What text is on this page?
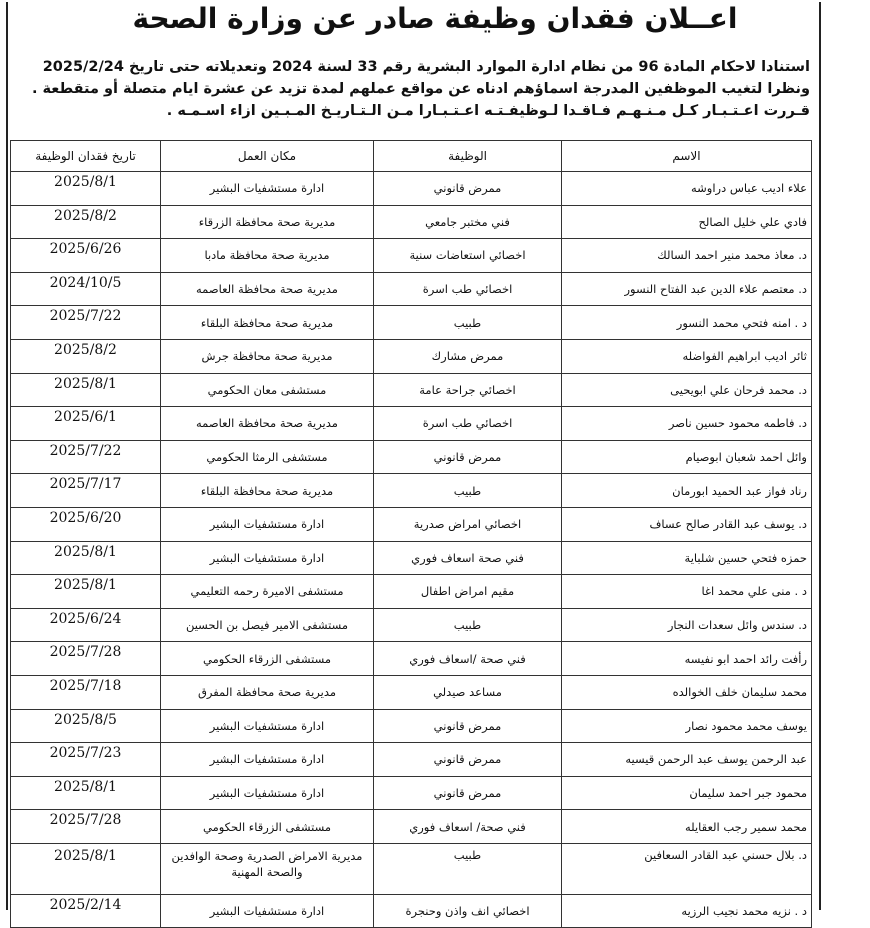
اعــلان فقدان وظيفة صادر عن وزارة الصحة

استنادا لاحكام المادة 96 من نظام ادارة الموارد البشرية رقم 33 لسنة 2024 وتعديلاته حتى تاريخ 2025/2/24

ونظرا لتغيب الموظفين المدرجة اسماؤهم ادناه عن مواقع عملهم لمدة تزيد عن عشرة ايام متصلة أو متقطعة .

قـررت اعـتـبـار كـل مـنـهـم فـاقـدا لـوظيفـتـه اعـتـبـارا مـن الـتـاريـخ المـبـين ازاء اسـمـه .

الاسم	الوظيفة	مكان العمل	تاريخ فقدان الوظيفة
علاء اديب عباس دراوشه	ممرض قانوني	ادارة مستشفيات البشير	2025/8/1
فادي علي خليل الصالح	فني مختبر جامعي	مديرية صحة محافظة الزرقاء	2025/8/2
د. معاذ محمد منير احمد السالك	اخصائي استعاضات سنية	مديرية صحة محافظة مادبا	2025/6/26
د. معتصم علاء الدين عبد الفتاح النسور	اخصائي طب اسرة	مديرية صحة محافظة العاصمه	2024/10/5
د . امنه فتحي محمد النسور	طبيب	مديرية صحة محافظة البلقاء	2025/7/22
ثائر اديب ابراهيم الفواضله	ممرض مشارك	مديرية صحة محافظة جرش	2025/8/2
د. محمد فرحان علي ابويحيى	اخصائي جراحة عامة	مستشفى معان الحكومي	2025/8/1
د. فاطمه محمود حسين ناصر	اخصائي طب اسرة	مديرية صحة محافظة العاصمه	2025/6/1
وائل احمد شعبان ابوصيام	ممرض قانوني	مستشفى الرمثا الحكومي	2025/7/22
رناد فواز عبد الحميد ابورمان	طبيب	مديرية صحة محافظة البلقاء	2025/7/17
د. يوسف عبد القادر صالح عساف	اخصائي امراض صدرية	ادارة مستشفيات البشير	2025/6/20
حمزه فتحي حسين شلباية	فني صحة اسعاف فوري	ادارة مستشفيات البشير	2025/8/1
د . منى علي محمد اغا	مقيم امراض اطفال	مستشفى الاميرة رحمه التعليمي	2025/8/1
د. سندس وائل سعدات النجار	طبيب	مستشفى الامير فيصل بن الحسين	2025/6/24
رأفت رائد احمد ابو نفيسه	فني صحة /اسعاف فوري	مستشفى الزرقاء الحكومي	2025/7/28
محمد سليمان خلف الخوالده	مساعد صيدلي	مديرية صحة محافظة المفرق	2025/7/18
يوسف محمد محمود نصار	ممرض قانوني	ادارة مستشفيات البشير	2025/8/5
عبد الرحمن يوسف عبد الرحمن قيسيه	ممرض قانوني	ادارة مستشفيات البشير	2025/7/23
محمود جبر احمد سليمان	ممرض قانوني	ادارة مستشفيات البشير	2025/8/1
محمد سمير رجب العقايله	فني صحة/ اسعاف فوري	مستشفى الزرقاء الحكومي	2025/7/28
د. بلال حسني عبد القادر السعافين	طبيب	مديرية الامراض الصدرية وصحة الوافدين والصحة المهنية	2025/8/1
د . نزيه محمد نجيب الرزيه	اخصائي انف واذن وحنجرة	ادارة مستشفيات البشير	2025/2/14
